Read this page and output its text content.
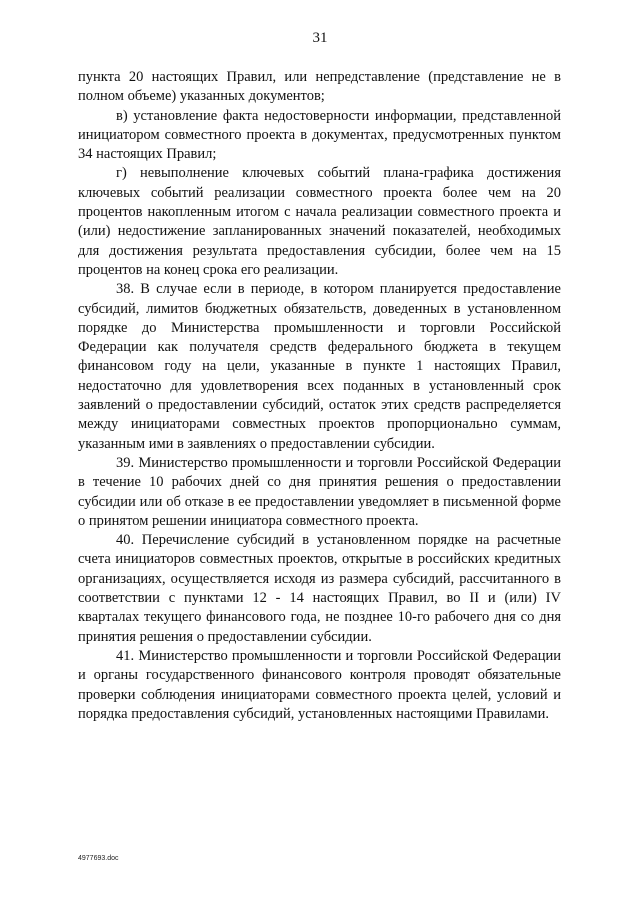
31

пункта 20 настоящих Правил, или непредставление (представление не в полном объеме) указанных документов;

в) установление факта недостоверности информации, представленной инициатором совместного проекта в документах, предусмотренных пунктом 34 настоящих Правил;

г) невыполнение ключевых событий плана-графика достижения ключевых событий реализации совместного проекта более чем на 20 процентов накопленным итогом с начала реализации совместного проекта и (или) недостижение запланированных значений показателей, необходимых для достижения результата предоставления субсидии, более чем на 15 процентов на конец срока его реализации.

38. В случае если в периоде, в котором планируется предоставление субсидий, лимитов бюджетных обязательств, доведенных в установленном порядке до Министерства промышленности и торговли Российской Федерации как получателя средств федерального бюджета в текущем финансовом году на цели, указанные в пункте 1 настоящих Правил, недостаточно для удовлетворения всех поданных в установленный срок заявлений о предоставлении субсидий, остаток этих средств распределяется между инициаторами совместных проектов пропорционально суммам, указанным ими в заявлениях о предоставлении субсидии.

39. Министерство промышленности и торговли Российской Федерации в течение 10 рабочих дней со дня принятия решения о предоставлении субсидии или об отказе в ее предоставлении уведомляет в письменной форме о принятом решении инициатора совместного проекта.

40. Перечисление субсидий в установленном порядке на расчетные счета инициаторов совместных проектов, открытые в российских кредитных организациях, осуществляется исходя из размера субсидий, рассчитанного в соответствии с пунктами 12 - 14 настоящих Правил, во II и (или) IV кварталах текущего финансового года, не позднее 10-го рабочего дня со дня принятия решения о предоставлении субсидии.

41. Министерство промышленности и торговли Российской Федерации и органы государственного финансового контроля проводят обязательные проверки соблюдения инициаторами совместного проекта целей, условий и порядка предоставления субсидий, установленных настоящими Правилами.

4977693.doc
